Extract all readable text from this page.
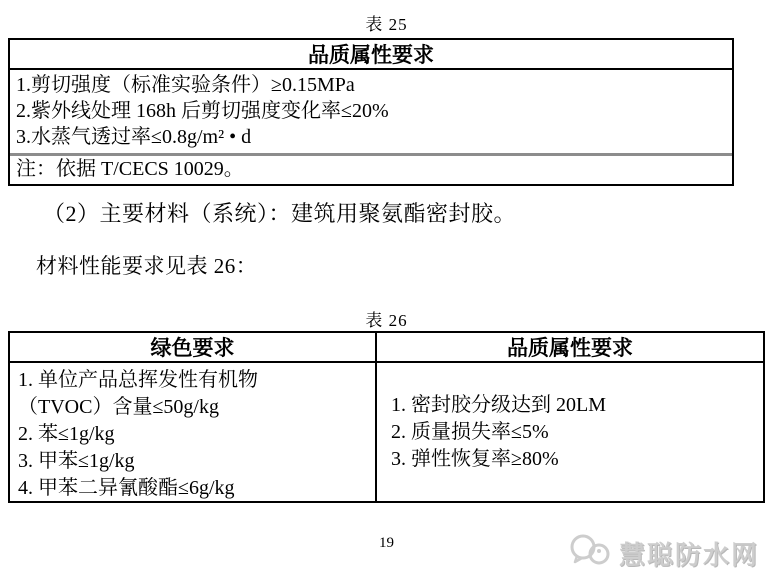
表 25
品质属性要求
1.剪切强度（标准实验条件）≥0.15MPa
2.紫外线处理 168h 后剪切强度变化率≤20%
3.水蒸气透过率≤0.8g/m² • d
注：依据 T/CECS 10029。
（2）主要材料（系统）：建筑用聚氨酯密封胶。
材料性能要求见表 26：
表 26
绿色要求	品质属性要求
1. 单位产品总挥发性有机物
（TVOC）含量≤50g/kg
2. 苯≤1g/kg
3. 甲苯≤1g/kg
4. 甲苯二异氰酸酯≤6g/kg
1. 密封胶分级达到 20LM
2. 质量损失率≤5%
3. 弹性恢复率≥80%
19	慧聪防水网
